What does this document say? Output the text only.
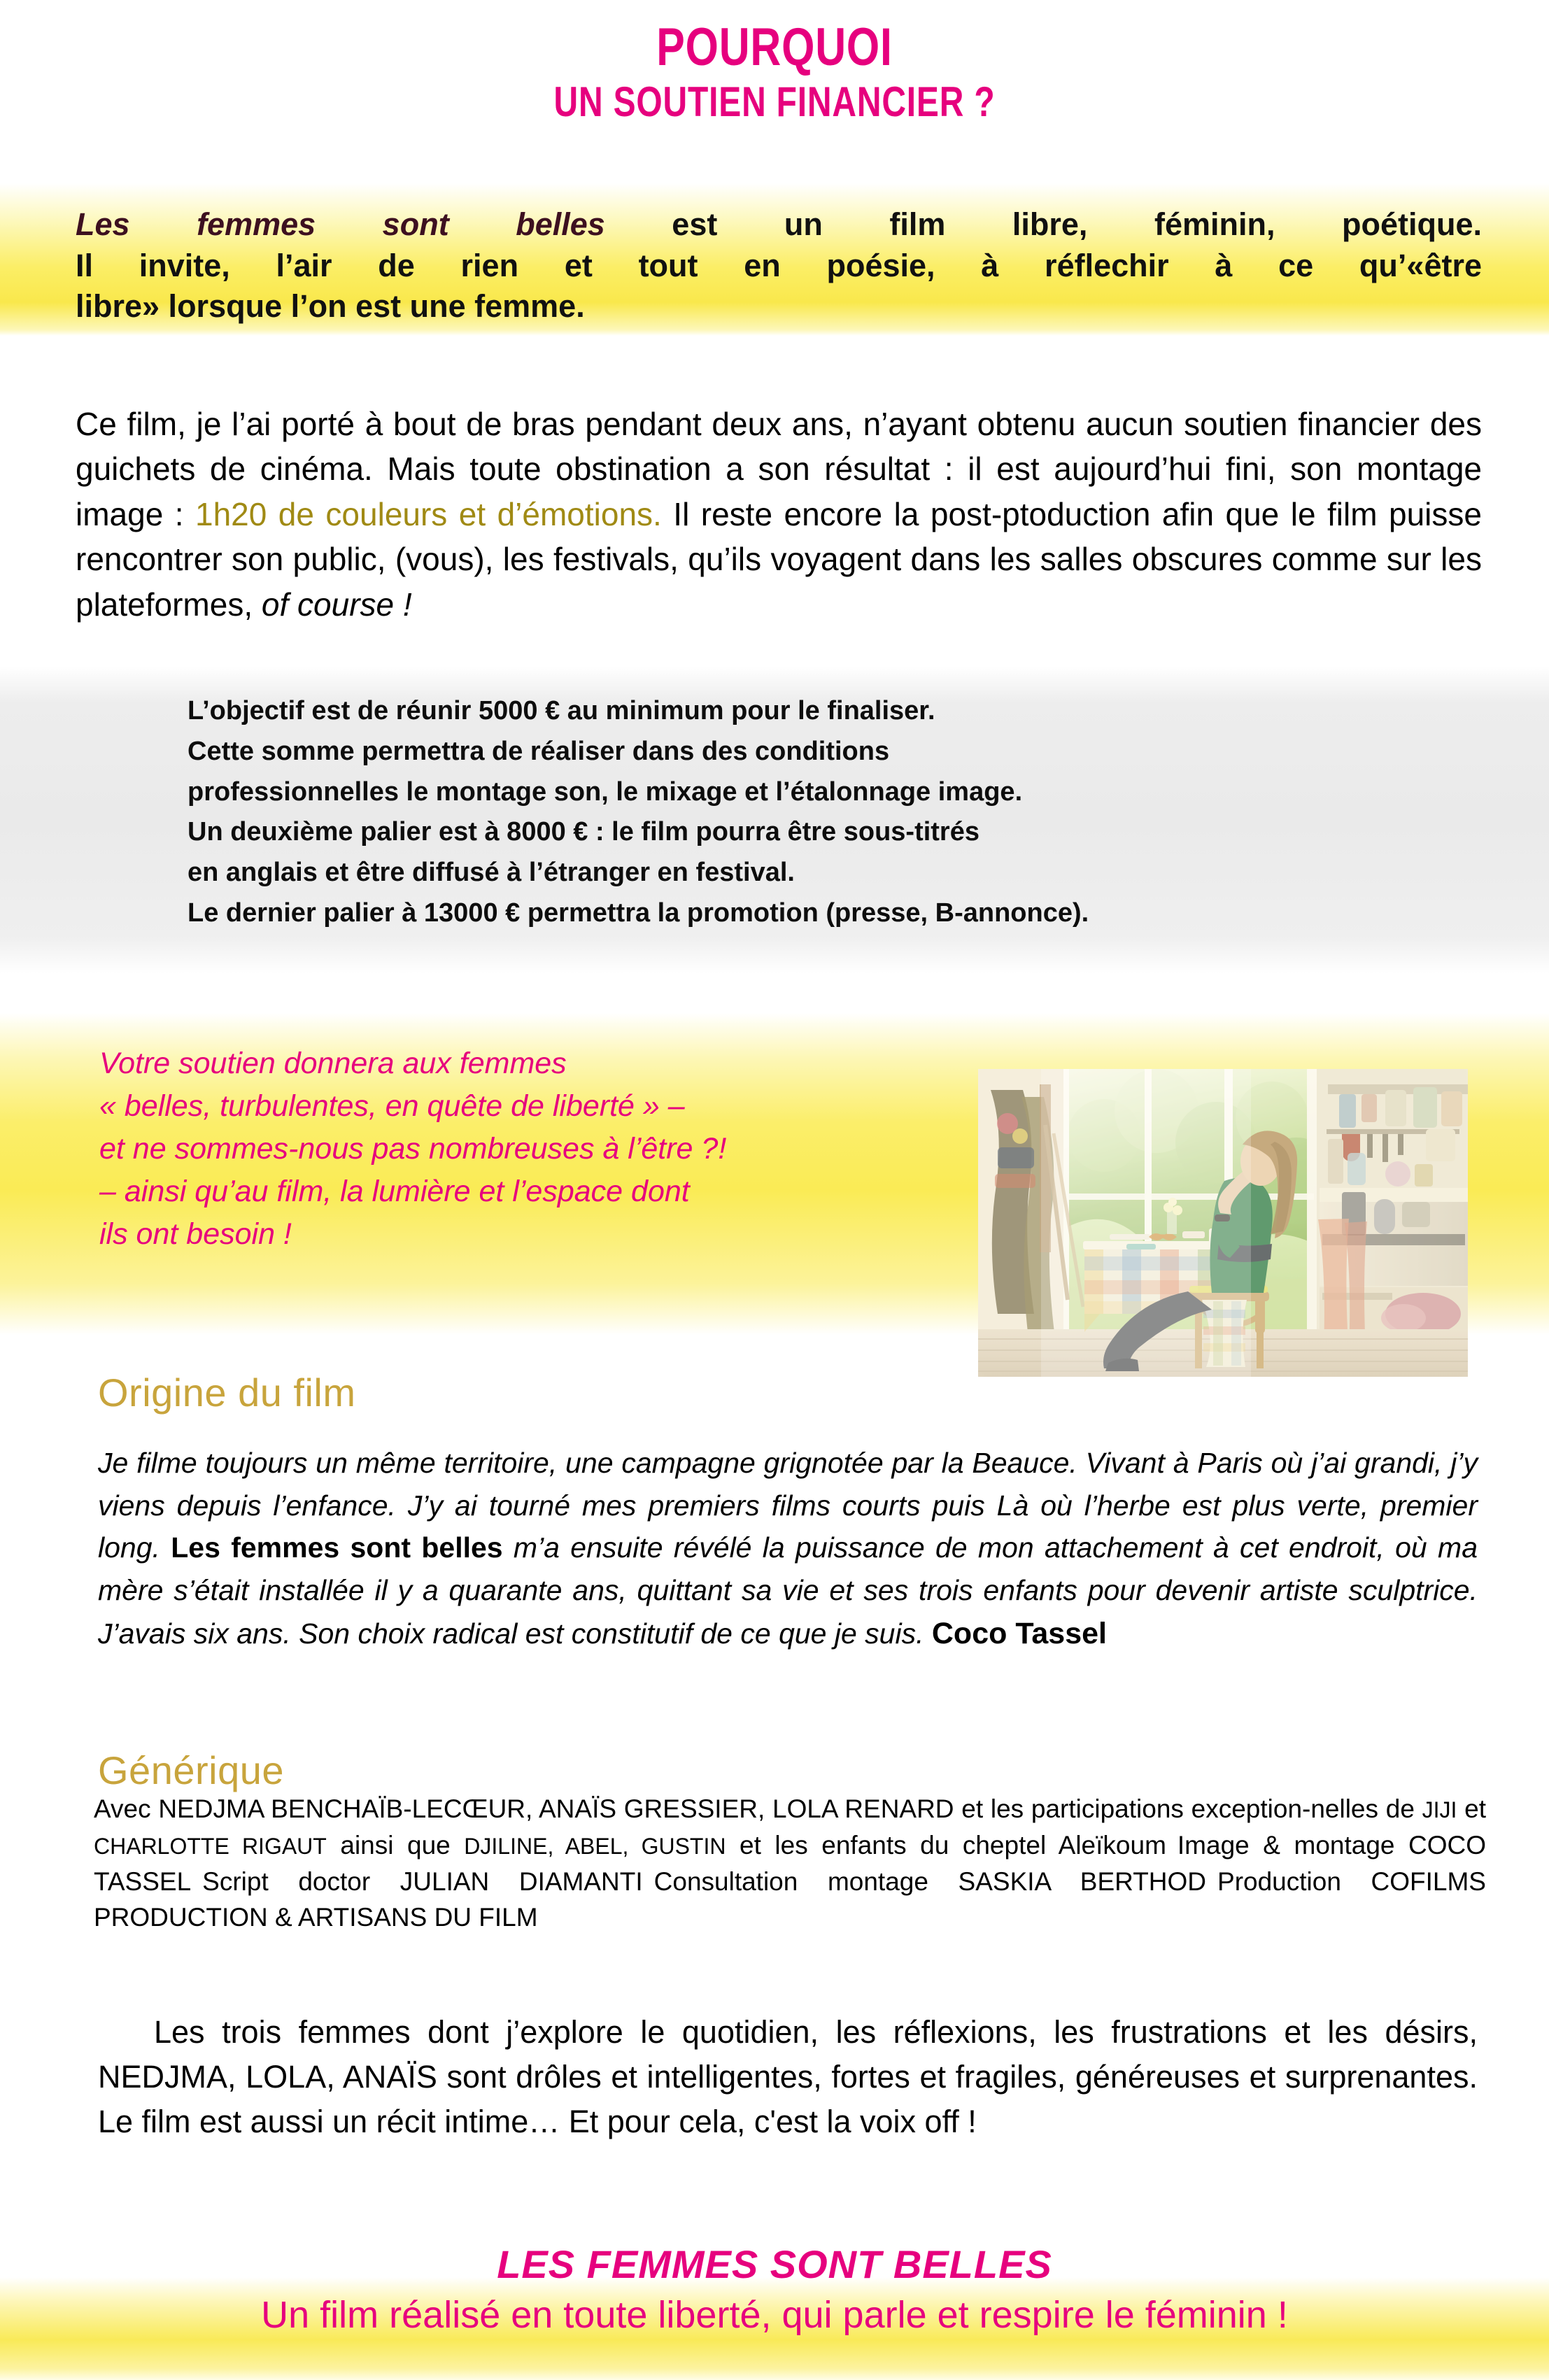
POURQUOI
UN SOUTIEN FINANCIER ?
Les femmes sont belles est un film libre, féminin, poétique.
Il invite, l’air de rien et tout en poésie, à réflechir à ce qu’«être
libre» lorsque l’on est une femme.

Ce film, je l’ai porté à bout de bras pendant deux ans, n’ayant obtenu aucun soutien financier des guichets de cinéma. Mais toute obstination a son résultat : il est aujourd’hui fini, son montage image : 1h20 de couleurs et d’émotions. Il reste encore la post-ptoduction afin que le film puisse rencontrer son public, (vous), les festivals, qu’ils voyagent dans les salles obscures comme sur les plateformes, of course !

L’objectif est de réunir 5000 € au minimum pour le finaliser.
Cette somme permettra de réaliser dans des conditions
professionnelles le montage son, le mixage et l’étalonnage image.
Un deuxième palier est à 8000 € : le film pourra être sous-titrés
en anglais et être diffusé à l’étranger en festival.
Le dernier palier à 13000 € permettra la promotion (presse, B-annonce).
Votre soutien donnera aux femmes
« belles, turbulentes, en quête de liberté » –
et ne sommes-nous pas nombreuses à l’être ?!
– ainsi qu’au film, la lumière et l’espace dont
ils ont besoin !
Origine du film

Je filme toujours un même territoire, une campagne grignotée par la Beauce. Vivant à Paris où j’ai grandi, j’y viens depuis l’enfance. J’y ai tourné mes premiers films courts puis Là où l’herbe est plus verte, premier long. Les femmes sont belles m’a ensuite révélé la puissance de mon attachement à cet endroit, où ma mère s’était installée il y a quarante ans, quittant sa vie et ses trois enfants pour devenir artiste sculptrice. J’avais six ans. Son choix radical est constitutif de ce que je suis. Coco Tassel

Générique
Avec NEDJMA BENCHAÏB-LECŒUR, ANAÏS GRESSIER, LOLA RENARD et les participations exception-nelles de JIJI et CHARLOTTE RIGAUT ainsi que DJILINE, ABEL, GUSTIN et les enfants du cheptel Aleïkoum Image & montage COCO TASSEL Script doctor JULIAN DIAMANTI Consultation montage SASKIA BERTHOD Production COFILMS PRODUCTION & ARTISANS DU FILM

Les trois femmes dont j’explore le quotidien, les réflexions, les frustrations et les désirs, NEDJMA, LOLA, ANAÏS sont drôles et intelligentes, fortes et fragiles, généreuses et surprenantes. Le film est aussi un récit intime… Et pour cela, c'est la voix off !

LES FEMMES SONT BELLES
Un film réalisé en toute liberté, qui parle et respire le féminin !
